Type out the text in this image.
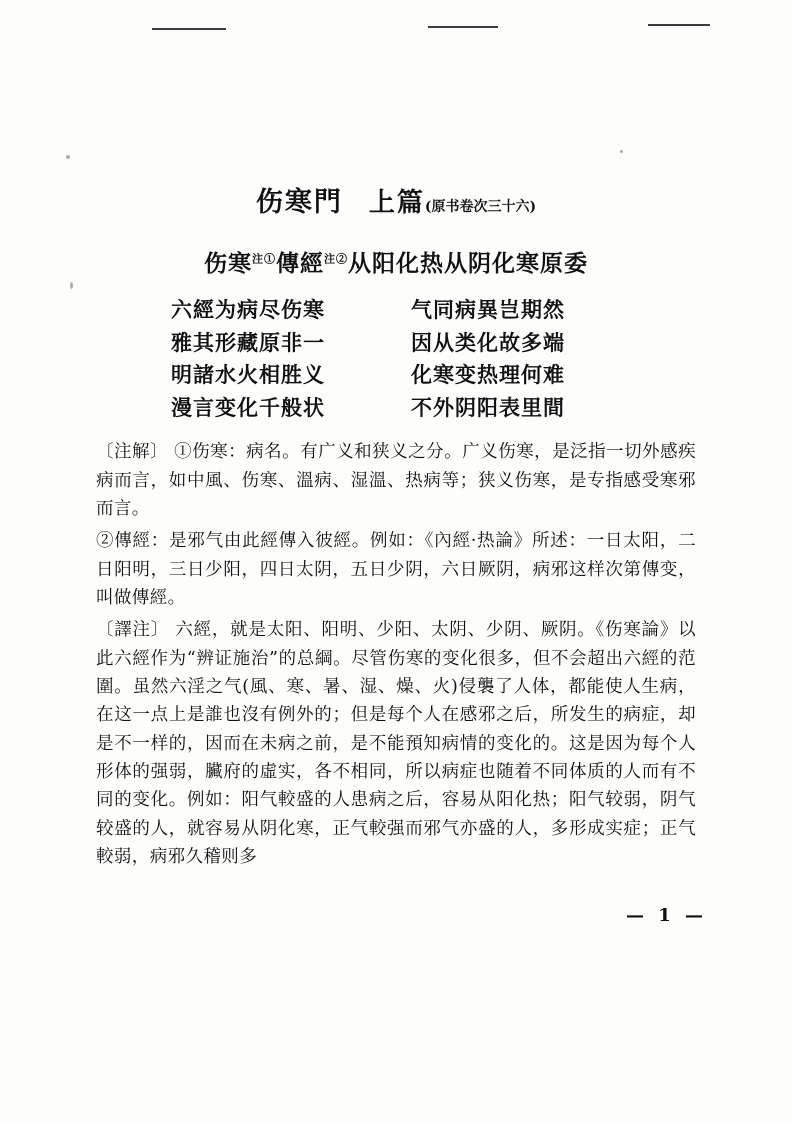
伤寒門 上篇(原书卷次三十六)
伤寒$^{注①}$傳經$^{注②}$从阳化热从阴化寒原委
六經为病尽伤寒	气同病異岂期然
雅其形藏原非一	因从类化故多端
明諸水火相胜义	化寒变热理何难
漫言变化千般状	不外阴阳表里間

〔注解〕 ①伤寒：病名。有广义和狭义之分。广义伤寒，是泛指一切外感疾病而言，如中風、伤寒、溫病、湿溫、热病等；狭义伤寒，是专指感受寒邪而言。

②傳經：是邪气由此經傳入彼經。例如：《內經·热論》所述：一日太阳，二日阳明，三日少阳，四日太阴，五日少阴，六日厥阴，病邪这样次第傳变，叫做傳經。

〔譯注〕 六經，就是太阳、阳明、少阳、太阴、少阴、厥阴。《伤寒論》以此六經作为“辨证施治”的总綱。尽管伤寒的变化很多，但不会超出六經的范圍。虽然六淫之气(風、寒、暑、湿、燥、火)侵襲了人体，都能使人生病，在这一点上是誰也沒有例外的；但是每个人在感邪之后，所发生的病症，却是不一样的，因而在未病之前，是不能預知病情的变化的。这是因为每个人形体的强弱，臟府的虛实，各不相同，所以病症也随着不同体质的人而有不同的变化。例如：阳气較盛的人患病之后，容易从阳化热；阳气较弱，阴气较盛的人，就容易从阴化寒，正气較强而邪气亦盛的人，多形成实症；正气較弱，病邪久稽则多

— 1 —
